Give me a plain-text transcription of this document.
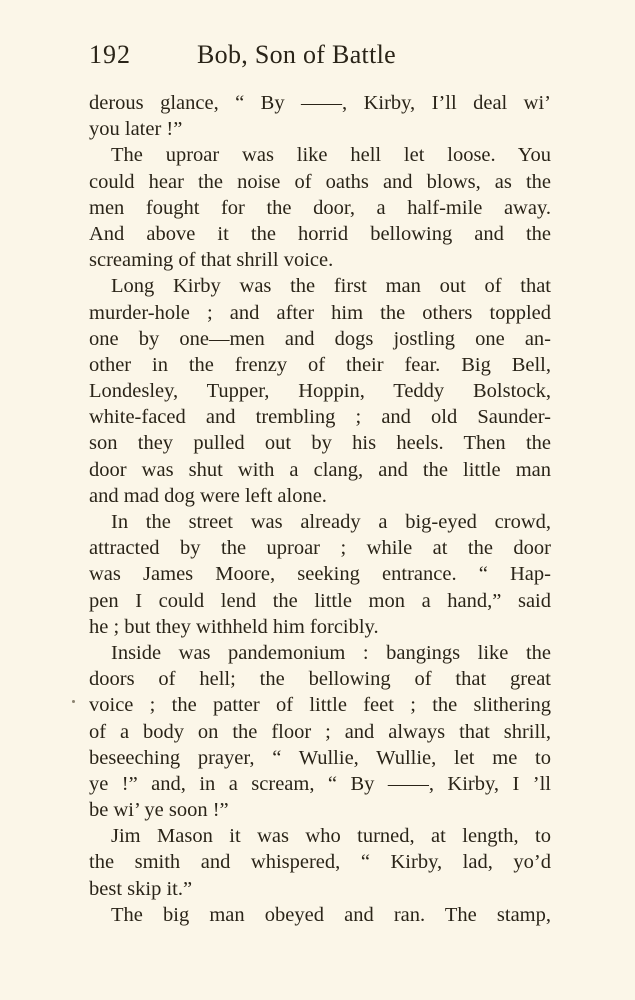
192	Bob, Son of Battle
derous glance, “ By ——, Kirby, I’ll deal wi’
you later !”
The uproar was like hell let loose. You
could hear the noise of oaths and blows, as the
men fought for the door, a half-mile away.
And above it the horrid bellowing and the
screaming of that shrill voice.
Long Kirby was the first man out of that
murder-hole ; and after him the others toppled
one by one—men and dogs jostling one an-
other in the frenzy of their fear. Big Bell,
Londesley, Tupper, Hoppin, Teddy Bolstock,
white-faced and trembling ; and old Saunder-
son they pulled out by his heels. Then the
door was shut with a clang, and the little man
and mad dog were left alone.
In the street was already a big-eyed crowd,
attracted by the uproar ; while at the door
was James Moore, seeking entrance. “ Hap-
pen I could lend the little mon a hand,” said
he ; but they withheld him forcibly.
Inside was pandemonium : bangings like the
doors of hell; the bellowing of that great
voice ; the patter of little feet ; the slithering
of a body on the floor ; and always that shrill,
beseeching prayer, “ Wullie, Wullie, let me to
ye !” and, in a scream, “ By ——, Kirby, I ’ll
be wi’ ye soon !”
Jim Mason it was who turned, at length, to
the smith and whispered, “ Kirby, lad, yo’d
best skip it.”
The big man obeyed and ran. The stamp,
